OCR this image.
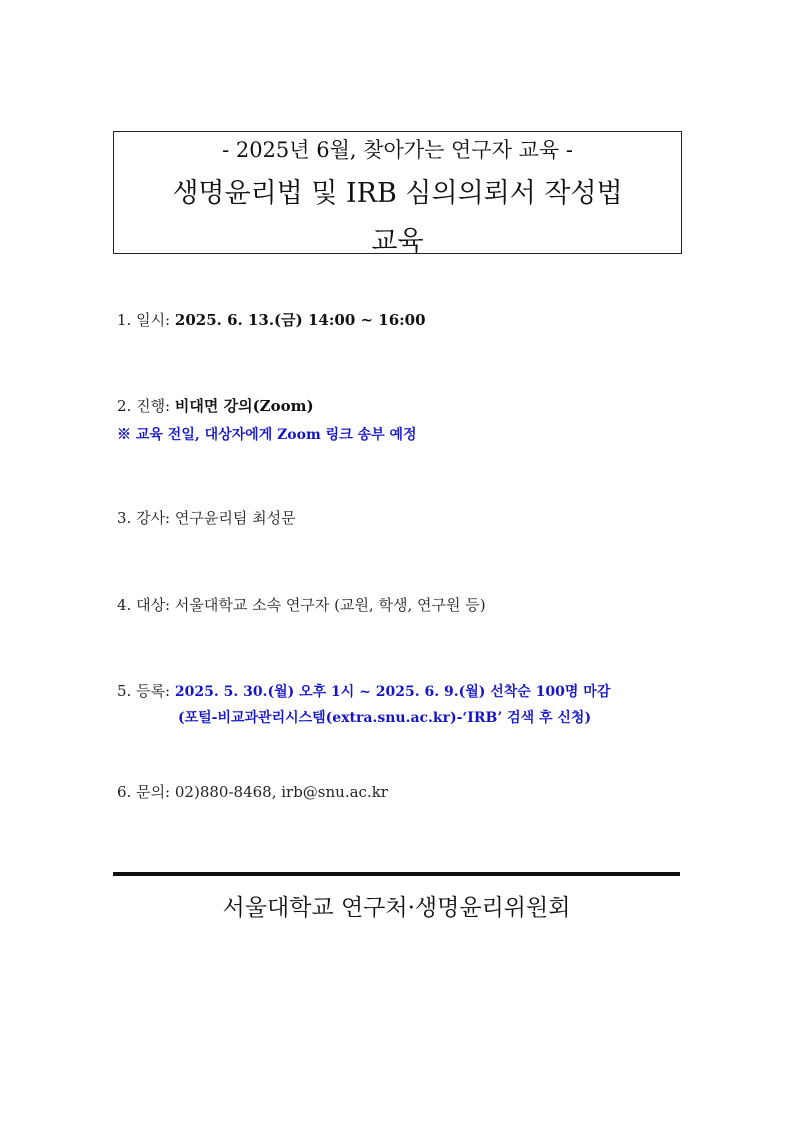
- 2025년 6월, 찾아가는 연구자 교육 -
생명윤리법 및 IRB 심의의뢰서 작성법
교육
1. 일시: 2025. 6. 13.(금) 14:00 ~ 16:00
2. 진행: 비대면 강의(Zoom)
※ 교육 전일, 대상자에게 Zoom 링크 송부 예정
3. 강사: 연구윤리팀 최성문
4. 대상: 서울대학교 소속 연구자 (교원, 학생, 연구원 등)
5. 등록: 2025. 5. 30.(월) 오후 1시 ~ 2025. 6. 9.(월) 선착순 100명 마감
(포털-비교과관리시스템(extra.snu.ac.kr)-‘IRB’ 검색 후 신청)
6. 문의: 02)880-8468, irb@snu.ac.kr
서울대학교 연구처·생명윤리위원회
